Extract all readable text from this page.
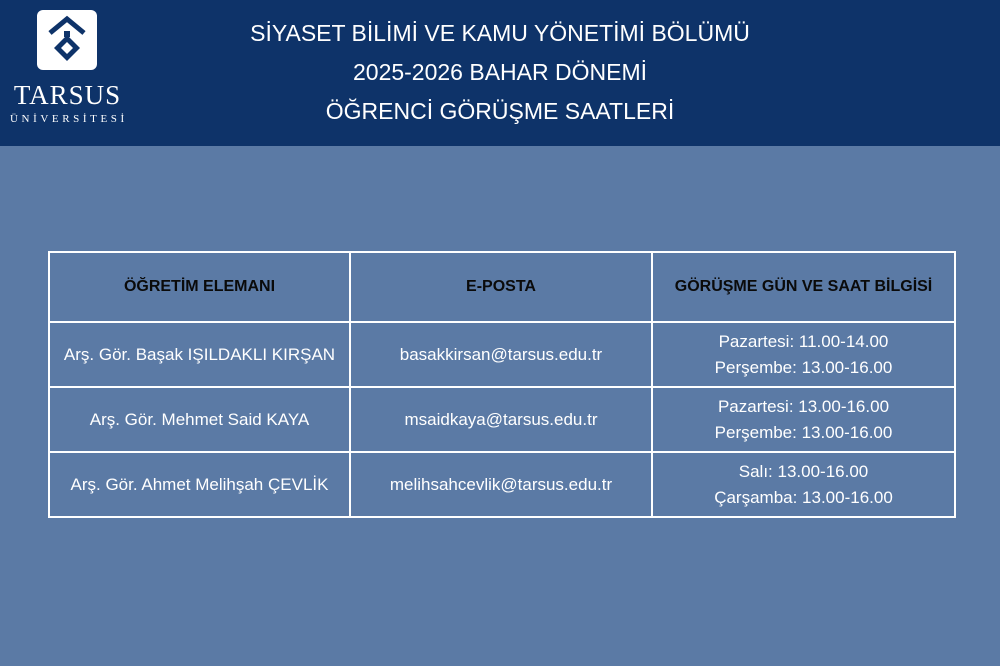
TARSUS
ÜNİVERSİTESİ
SİYASET BİLİMİ VE KAMU YÖNETİMİ BÖLÜMÜ
2025-2026 BAHAR DÖNEMİ
ÖĞRENCİ GÖRÜŞME SAATLERİ
ÖĞRETİM ELEMANI	E-POSTA	GÖRÜŞME GÜN VE SAAT BİLGİSİ
Arş. Gör. Başak IŞILDAKLI KIRŞAN	basakkirsan@tarsus.edu.tr	Pazartesi: 11.00-14.00
Perşembe: 13.00-16.00

Arş. Gör. Mehmet Said KAYA	msaidkaya@tarsus.edu.tr	Pazartesi: 13.00-16.00
Perşembe: 13.00-16.00

Arş. Gör. Ahmet Melihşah ÇEVLİK	melihsahcevlik@tarsus.edu.tr	Salı: 13.00-16.00
Çarşamba: 13.00-16.00
